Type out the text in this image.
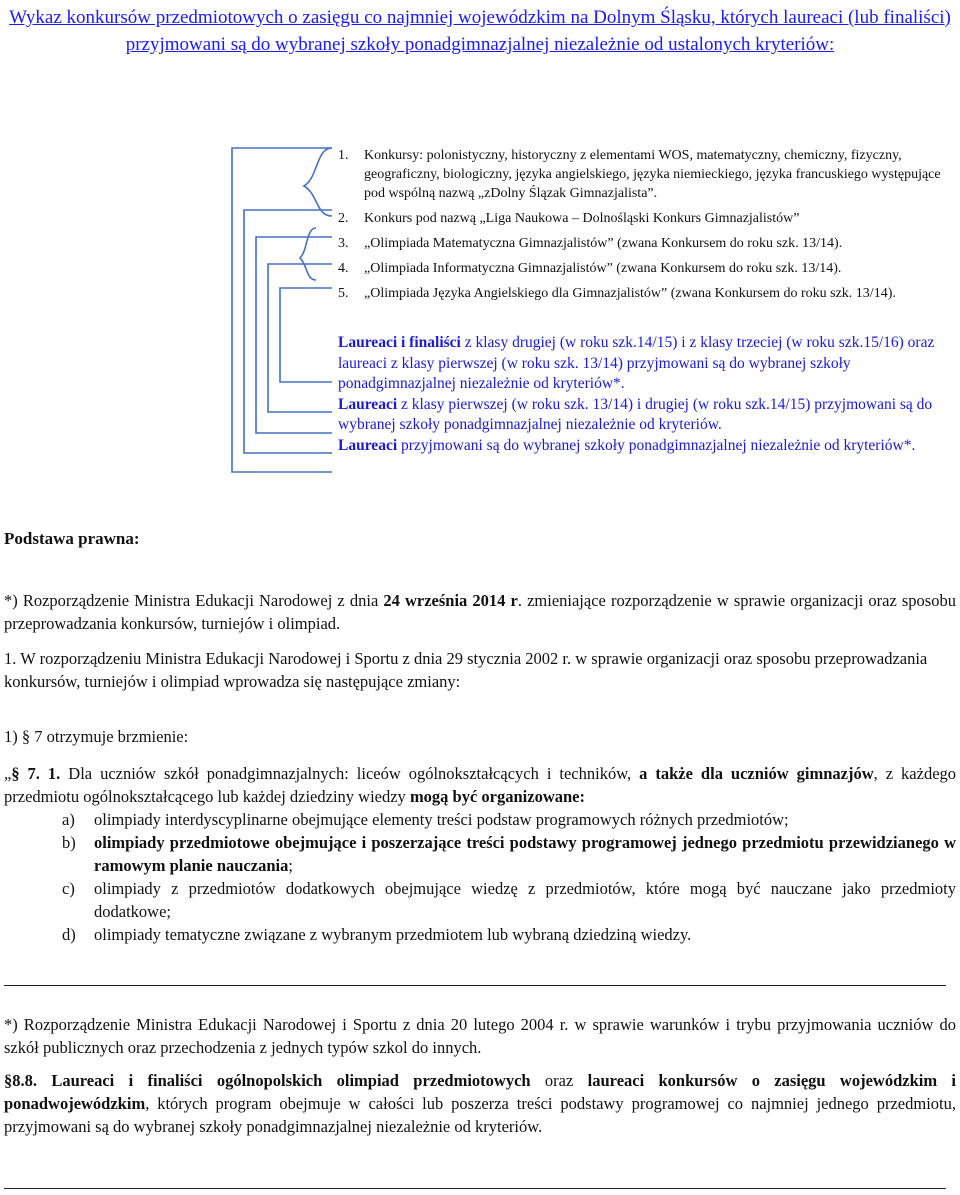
Wykaz konkursów przedmiotowych o zasięgu co najmniej wojewódzkim na Dolnym Śląsku, których laureaci (lub finaliści) przyjmowani są do wybranej szkoły ponadgimnazjalnej niezależnie od ustalonych kryteriów:
1. Konkursy: polonistyczny, historyczny z elementami WOS, matematyczny, chemiczny, fizyczny, geograficzny, biologiczny, języka angielskiego, języka niemieckiego, języka francuskiego występujące pod wspólną nazwą „zDolny Ślązak Gimnazjalista”.
2. Konkurs pod nazwą „Liga Naukowa – Dolnośląski Konkurs Gimnazjalistów”
3. „Olimpiada Matematyczna Gimnazjalistów” (zwana Konkursem do roku szk. 13/14).
4. „Olimpiada Informatyczna Gimnazjalistów” (zwana Konkursem do roku szk. 13/14).
5. „Olimpiada Języka Angielskiego dla Gimnazjalistów” (zwana Konkursem do roku szk. 13/14).
Laureaci i finaliści z klasy drugiej (w roku szk.14/15) i z klasy trzeciej (w roku szk.15/16) oraz laureaci z klasy pierwszej (w roku szk. 13/14) przyjmowani są do wybranej szkoły ponadgimnazjalnej niezależnie od kryteriów*.
Laureaci z klasy pierwszej (w roku szk. 13/14) i drugiej (w roku szk.14/15) przyjmowani są do wybranej szkoły ponadgimnazjalnej niezależnie od kryteriów.
Laureaci przyjmowani są do wybranej szkoły ponadgimnazjalnej niezależnie od kryteriów*.
Podstawa prawna:
*) Rozporządzenie Ministra Edukacji Narodowej z dnia 24 września 2014 r. zmieniające rozporządzenie w sprawie organizacji oraz sposobu przeprowadzania konkursów, turniejów i olimpiad.
1. W rozporządzeniu Ministra Edukacji Narodowej i Sportu z dnia 29 stycznia 2002 r. w sprawie organizacji oraz sposobu przeprowadzania konkursów, turniejów i olimpiad wprowadza się następujące zmiany:
1) § 7 otrzymuje brzmienie:
„§ 7. 1. Dla uczniów szkół ponadgimnazjalnych: liceów ogólnokształcących i techników, a także dla uczniów gimnazjów, z każdego przedmiotu ogólnokształcącego lub każdej dziedziny wiedzy mogą być organizowane:
a) olimpiady interdyscyplinarne obejmujące elementy treści podstaw programowych różnych przedmiotów;
b) olimpiady przedmiotowe obejmujące i poszerzające treści podstawy programowej jednego przedmiotu przewidzianego w ramowym planie nauczania;
c) olimpiady z przedmiotów dodatkowych obejmujące wiedzę z przedmiotów, które mogą być nauczane jako przedmioty dodatkowe;
d) olimpiady tematyczne związane z wybranym przedmiotem lub wybraną dziedziną wiedzy.
*) Rozporządzenie Ministra Edukacji Narodowej i Sportu z dnia 20 lutego 2004 r. w sprawie warunków i trybu przyjmowania uczniów do szkół publicznych oraz przechodzenia z jednych typów szkol do innych.
§8.8. Laureaci i finaliści ogólnopolskich olimpiad przedmiotowych oraz laureaci konkursów o zasięgu wojewódzkim i ponadwojewódzkim, których program obejmuje w całości lub poszerza treści podstawy programowej co najmniej jednego przedmiotu, przyjmowani są do wybranej szkoły ponadgimnazjalnej niezależnie od kryteriów.
